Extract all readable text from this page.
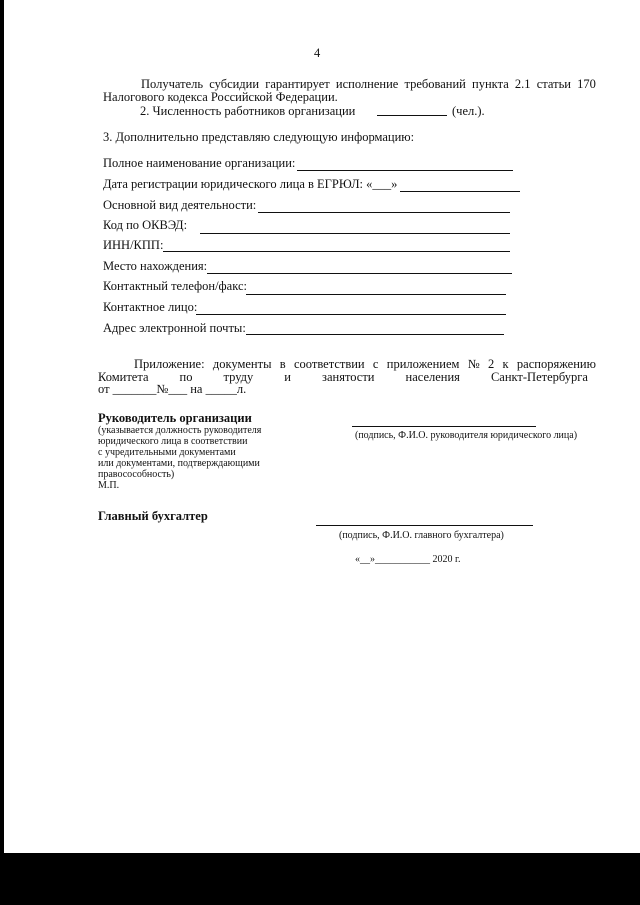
4
Получатель субсидии гарантирует исполнение требований пункта 2.1 статьи 170
Налогового кодекса Российской Федерации.
2. Численность работников организации	(чел.).
3. Дополнительно представляю следующую информацию:
Полное наименование организации:
Дата регистрации юридического лица в ЕГРЮЛ: «___»
Основной вид деятельности:
Код по ОКВЭД:
ИНН/КПП:
Место нахождения:
Контактный телефон/факс:
Контактное лицо:
Адрес электронной почты:
Приложение: документы в соответствии с приложением № 2 к распоряжению
Комитета по труду и занятости населения Санкт-Петербурга
от _______№___ на _____л.
Руководитель организации
(указывается должность руководителя
юридического лица в соответствии
с учредительными документами
или документами, подтверждающими
правосособность)
М.П.
(подпись, Ф.И.О. руководителя юридического лица)
Главный бухгалтер
(подпись, Ф.И.О. главного бухгалтера)
«__»___________ 2020 г.
